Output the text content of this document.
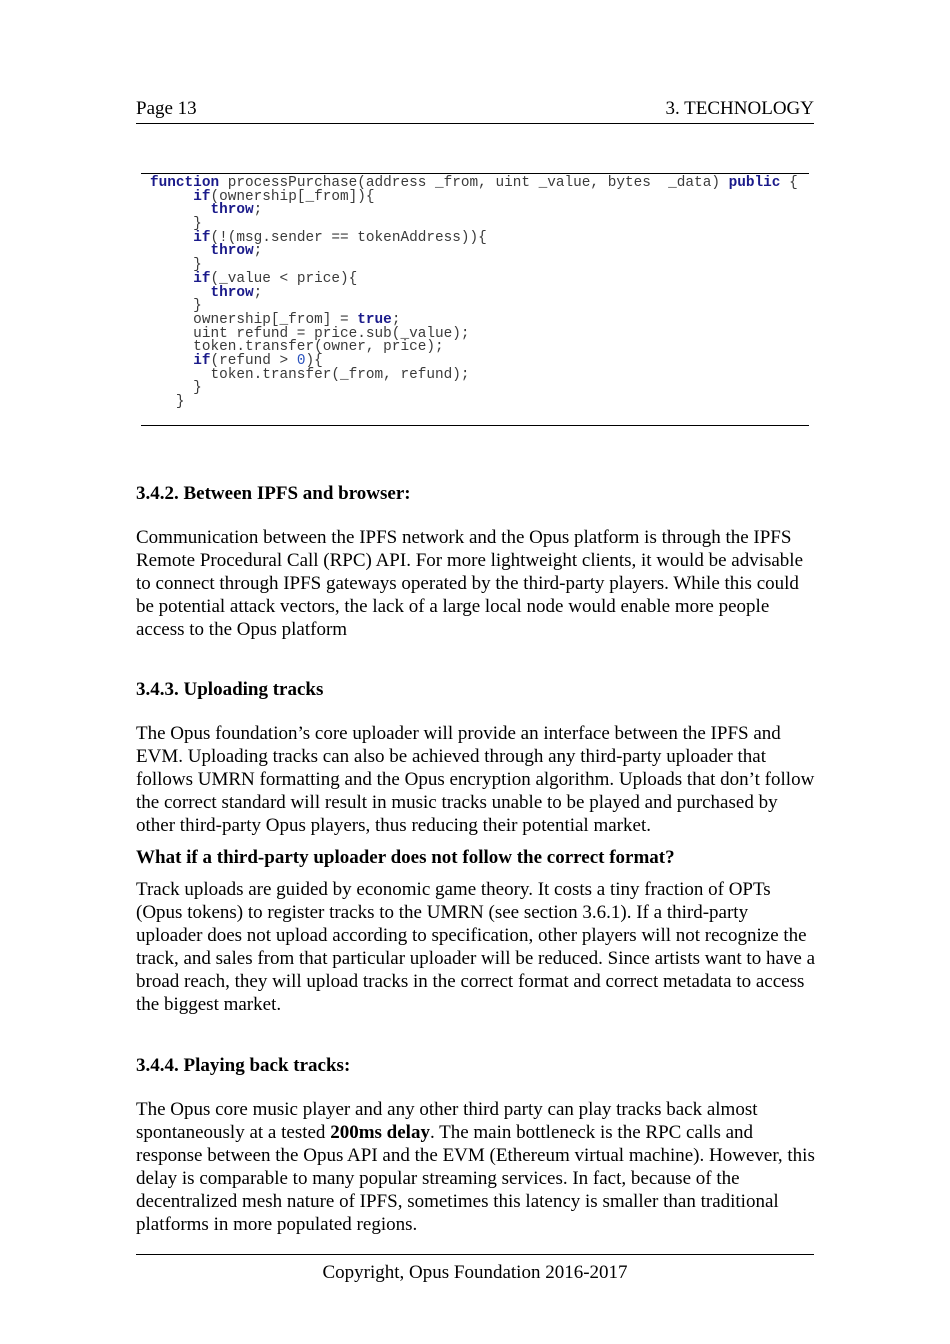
Page 13	3. TECHNOLOGY
function processPurchase(address _from, uint _value, bytes  _data) public {
if(ownership[_from]){
throw;
}
if(!(msg.sender == tokenAddress)){
throw;
}
if(_value < price){
throw;
}
ownership[_from] = true;
uint refund = price.sub(_value);
token.transfer(owner, price);
if(refund > 0){
token.transfer(_from, refund);
}
}
3.4.2. Between IPFS and browser:

Communication between the IPFS network and the Opus platform is through the IPFS Remote Procedural Call (RPC) API. For more lightweight clients, it would be advisable to connect through IPFS gateways operated by the third-party players. While this could be potential attack vectors, the lack of a large local node would enable more people access to the Opus platform

3.4.3. Uploading tracks

The Opus foundation’s core uploader will provide an interface between the IPFS and EVM. Uploading tracks can also be achieved through any third-party uploader that follows UMRN formatting and the Opus encryption algorithm. Uploads that don’t follow the correct standard will result in music tracks unable to be played and purchased by other third-party Opus players, thus reducing their potential market.

What if a third-party uploader does not follow the correct format?

Track uploads are guided by economic game theory. It costs a tiny fraction of OPTs (Opus tokens) to register tracks to the UMRN (see section 3.6.1). If a third-party uploader does not upload according to specification, other players will not recognize the track, and sales from that particular uploader will be reduced. Since artists want to have a broad reach, they will upload tracks in the correct format and correct metadata to access the biggest market.

3.4.4. Playing back tracks:

The Opus core music player and any other third party can play tracks back almost spontaneously at a tested 200ms delay. The main bottleneck is the RPC calls and response between the Opus API and the EVM (Ethereum virtual machine). However, this delay is comparable to many popular streaming services. In fact, because of the decentralized mesh nature of IPFS, sometimes this latency is smaller than traditional platforms in more populated regions.

Copyright, Opus Foundation 2016-2017
